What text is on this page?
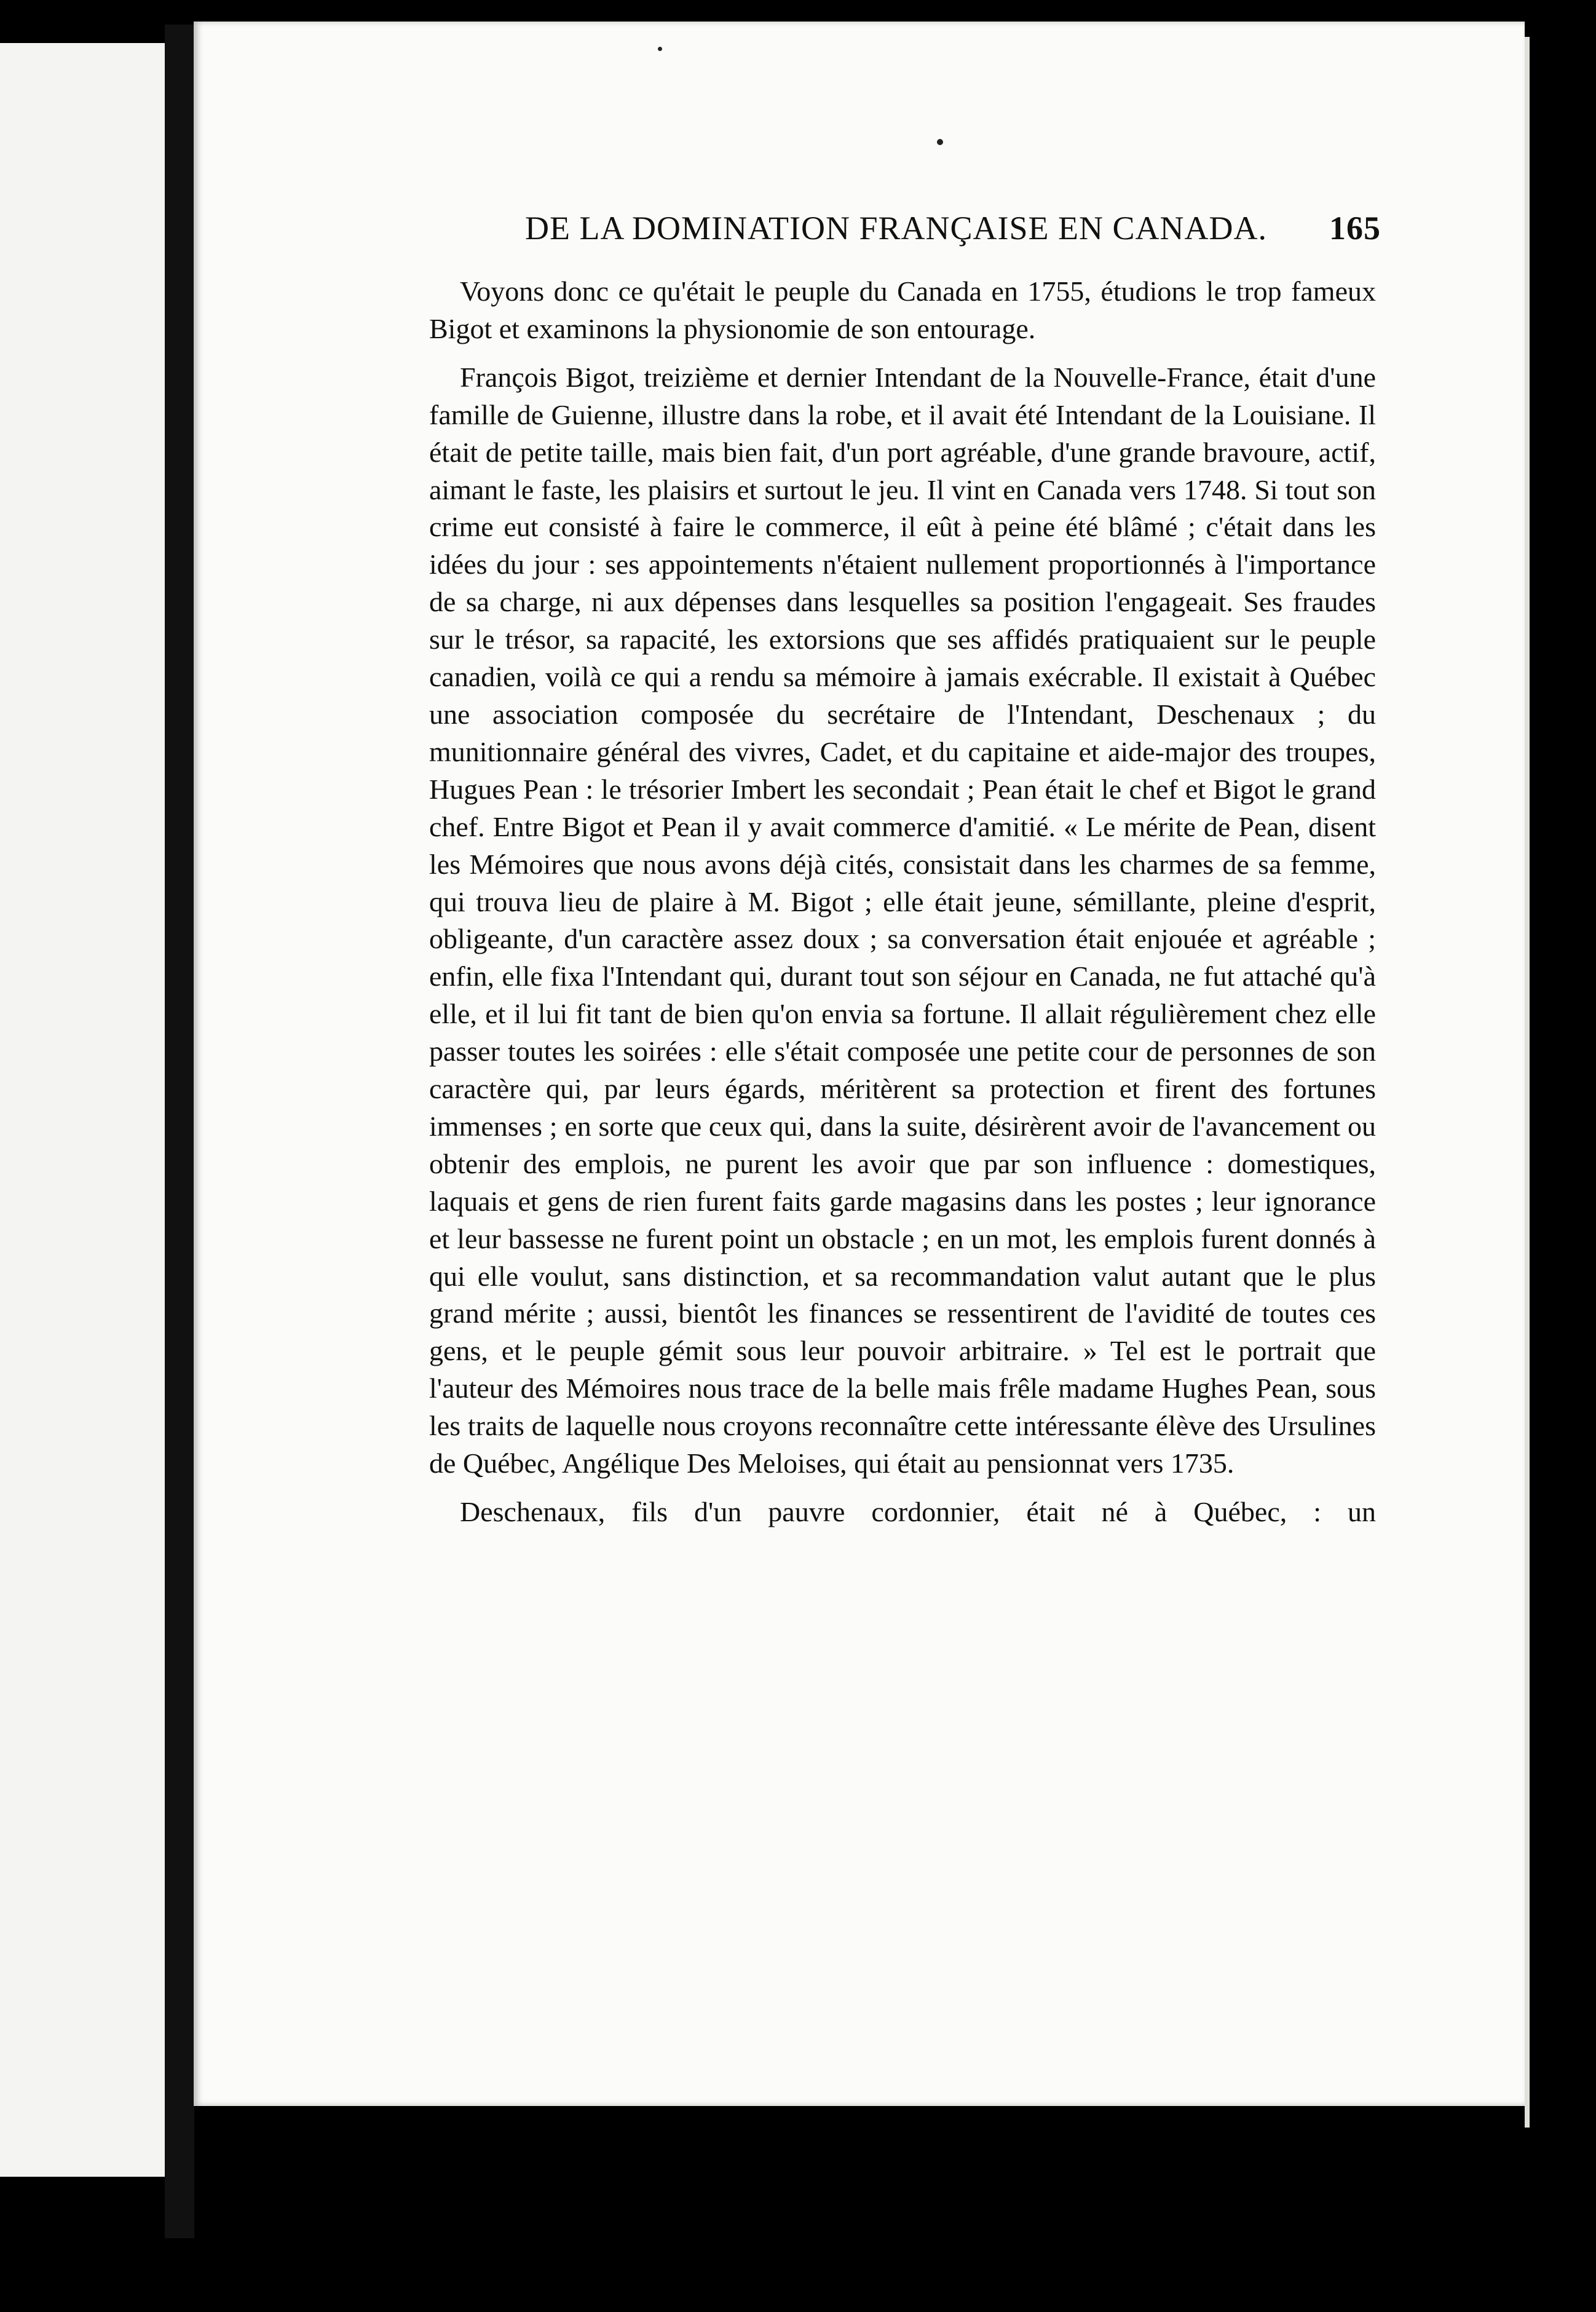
DE LA DOMINATION FRANÇAISE EN CANADA. 165

Voyons donc ce qu'était le peuple du Canada en 1755, étudions le trop fameux Bigot et examinons la physionomie de son entourage.

François Bigot, treizième et dernier Intendant de la Nouvelle-France, était d'une famille de Guienne, illustre dans la robe, et il avait été Intendant de la Louisiane. Il était de petite taille, mais bien fait, d'un port agréable, d'une grande bravoure, actif, aimant le faste, les plaisirs et surtout le jeu. Il vint en Canada vers 1748. Si tout son crime eut consisté à faire le commerce, il eût à peine été blâmé ; c'était dans les idées du jour : ses appointements n'étaient nullement proportionnés à l'importance de sa charge, ni aux dépenses dans lesquelles sa position l'engageait. Ses fraudes sur le trésor, sa rapacité, les extorsions que ses affidés pratiquaient sur le peuple canadien, voilà ce qui a rendu sa mémoire à jamais exécrable. Il existait à Québec une association composée du secrétaire de l'Intendant, Deschenaux ; du munitionnaire général des vivres, Cadet, et du capitaine et aide-major des troupes, Hugues Pean : le trésorier Imbert les secondait ; Pean était le chef et Bigot le grand chef. Entre Bigot et Pean il y avait commerce d'amitié. « Le mérite de Pean, disent les Mémoires que nous avons déjà cités, consistait dans les charmes de sa femme, qui trouva lieu de plaire à M. Bigot ; elle était jeune, sémillante, pleine d'esprit, obligeante, d'un caractère assez doux ; sa conversation était enjouée et agréable ; enfin, elle fixa l'Intendant qui, durant tout son séjour en Canada, ne fut attaché qu'à elle, et il lui fit tant de bien qu'on envia sa fortune. Il allait régulièrement chez elle passer toutes les soirées : elle s'était composée une petite cour de personnes de son caractère qui, par leurs égards, méritèrent sa protection et firent des fortunes immenses ; en sorte que ceux qui, dans la suite, désirèrent avoir de l'avancement ou obtenir des emplois, ne purent les avoir que par son influence : domestiques, laquais et gens de rien furent faits garde magasins dans les postes ; leur ignorance et leur bassesse ne furent point un obstacle ; en un mot, les emplois furent donnés à qui elle voulut, sans distinction, et sa recommandation valut autant que le plus grand mérite ; aussi, bientôt les finances se ressentirent de l'avidité de toutes ces gens, et le peuple gémit sous leur pouvoir arbitraire. » Tel est le portrait que l'auteur des Mémoires nous trace de la belle mais frêle madame Hughes Pean, sous les traits de laquelle nous croyons reconnaître cette intéressante élève des Ursulines de Québec, Angélique Des Meloises, qui était au pensionnat vers 1735.

Deschenaux, fils d'un pauvre cordonnier, était né à Québec, : un
